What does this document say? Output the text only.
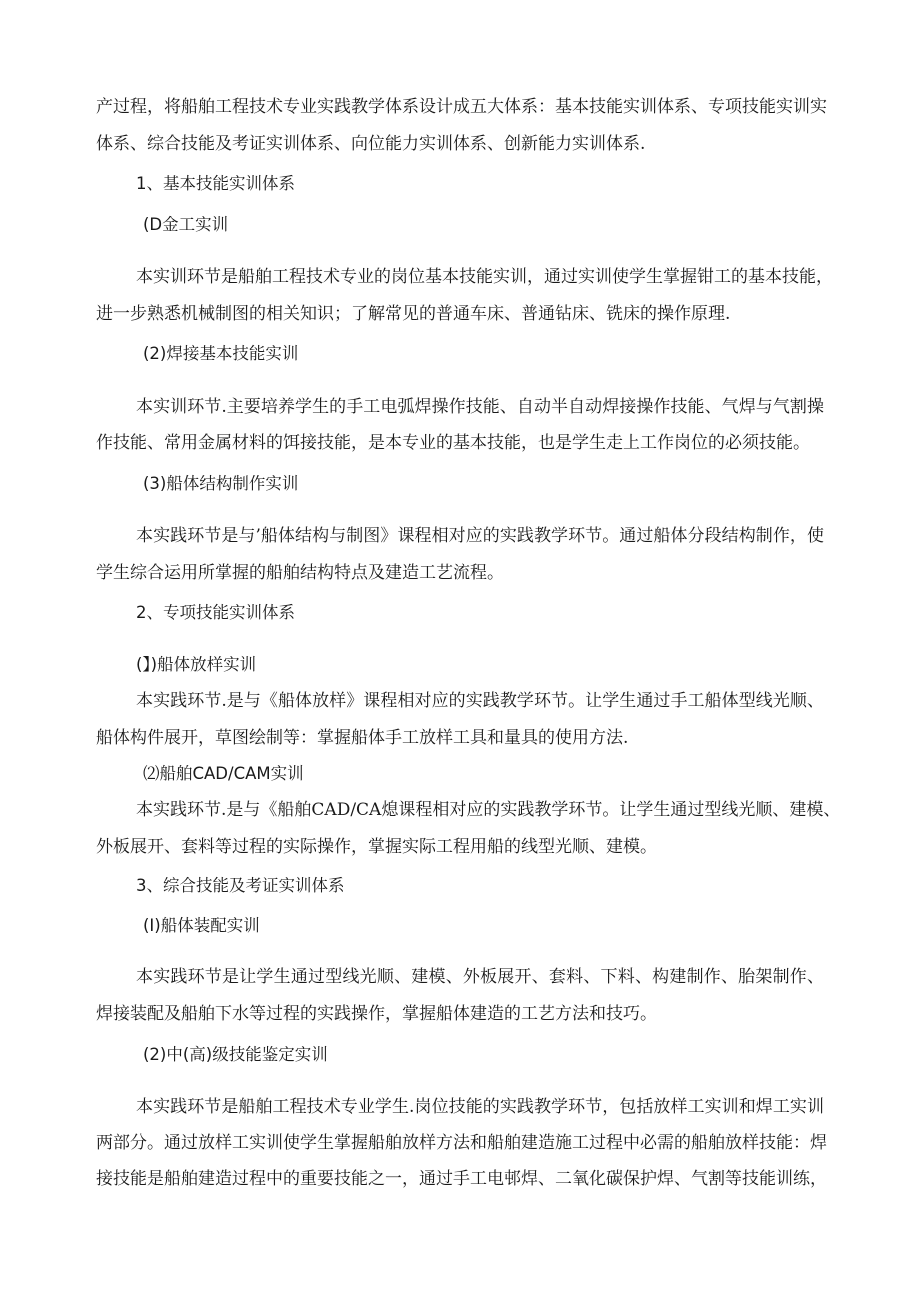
产过程，将船舶工程技术专业实践教学体系设计成五大体系：基本技能实训体系、专项技能实训实
体系、综合技能及考证实训体系、向位能力实训体系、创新能力实训体系.
1、基本技能实训体系
(D金工实训
本实训环节是船舶工程技术专业的岗位基本技能实训，通过实训使学生掌握钳工的基本技能，
进一步熟悉机械制图的相关知识；了解常见的普通车床、普通钻床、铣床的操作原理.
(2)焊接基本技能实训
本实训环节.主要培养学生的手工电弧焊操作技能、自动半自动焊接操作技能、气焊与气割操
作技能、常用金属材料的饵接技能，是本专业的基本技能，也是学生走上工作岗位的必须技能。
(3)船体结构制作实训
本实践环节是与’船体结构与制图》课程相对应的实践教学环节。通过船体分段结构制作，使
学生综合运用所掌握的船舶结构特点及建造工艺流程。
2、专项技能实训体系
(】)船体放样实训
本实践环节.是与《船体放样》课程相对应的实践教学环节。让学生通过手工船体型线光顺、
船体构件展开，草图绘制等：掌握船体手工放样工具和量具的使用方法.
⑵船舶CAD/CAM实训
本实践环节.是与《船舶CAD/CA熄课程相对应的实践教学环节。让学生通过型线光顺、建模、
外板展开、套料等过程的实际操作，掌握实际工程用船的线型光顺、建模。
3、综合技能及考证实训体系
(I)船体装配实训
本实践环节是让学生通过型线光顺、建模、外板展开、套料、下料、构建制作、胎架制作、
焊接装配及船舶下水等过程的实践操作，掌握船体建造的工艺方法和技巧。
(2)中(高)级技能鉴定实训
本实践环节是船舶工程技术专业学生.岗位技能的实践教学环节，包括放样工实训和焊工实训
两部分。通过放样工实训使学生掌握船舶放样方法和船舶建造施工过程中必需的船舶放样技能：焊
接技能是船舶建造过程中的重要技能之一，通过手工电邨焊、二氧化碳保护焊、气割等技能训练，
